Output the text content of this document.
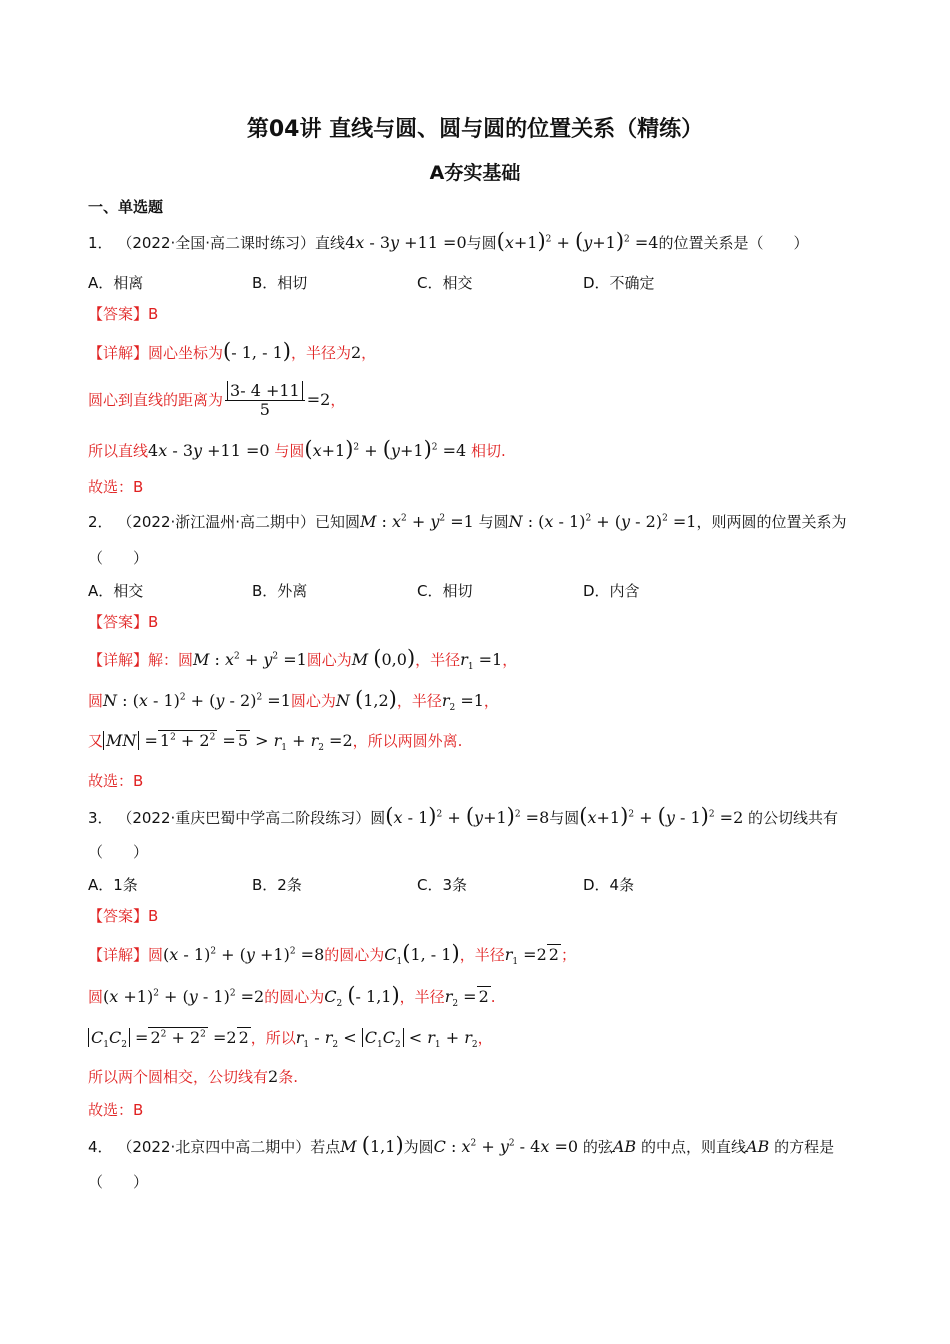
第04讲 直线与圆、圆与圆的位置关系（精练）
A夯实基础
一、单选题
1． （2022·全国·高二课时练习）直线4x - 3y +11 =0与圆$(x+1)^2 + (y+1)^2 =4$的位置关系是（　　）
A．相离	B．相切	C．相交	D．不确定
【答案】B
【详解】圆心坐标为(- 1, - 1)，半径为2，
圆心到直线的距离为 $\frac{3- 4 +11}{5} =2$，
所以直线4x - 3y +11 =0 与圆$(x+1)^2 + (y+1)^2 =4$ 相切.
故选：B
2． （2022·浙江温州·高二期中）已知圆M : $x^2 + y^2 =1$ 与圆N : (x - 1)$^2$ + (y - 2)$^2$ =1，则两圆的位置关系为
（　　）
A．相交	B．外离	C．相切	D．内含
【答案】B
【详解】解：圆M : $x^2 + y^2 =1$圆心为M (0,0)，半径$r_1 =1$，
圆N : (x - 1)$^2$ + (y - 2)$^2$ =1圆心为N (1,2)，半径$r_2 =1$，
又 MN = $1^2 + 2^2 = 5 > r_1 + r_2 =2$，所以两圆外离.
故选：B
3． （2022·重庆巴蜀中学高二阶段练习）圆$(x - 1)^2 + (y+1)^2 =8$与圆$(x+1)^2 + (y - 1)^2 =2$ 的公切线共有
（　　）
A．1条	B．2条	C．3条	D．4条
【答案】B
【详解】圆$(x - 1)^2 + (y +1)^2 =8$的圆心为$C_1(1$, - 1)，半径$r_1 =2$ 2 ；
圆$(x +1)^2 + (y - 1)^2 =2$的圆心为$C_2$ (- 1,1)，半径$r_2 = 2$ .
$C_1C_2 = 2^2 + 2^2 =2$ 2 ，所以$r_1 - r_2 < C_1C_2 < r_1 + r_2$，
所以两个圆相交，公切线有2条.
故选：B
4． （2022·北京四中高二期中）若点M (1,1)为圆C : $x^2 + y^2 - 4x =0$ 的弦AB 的中点，则直线AB 的方程是
（　　）
